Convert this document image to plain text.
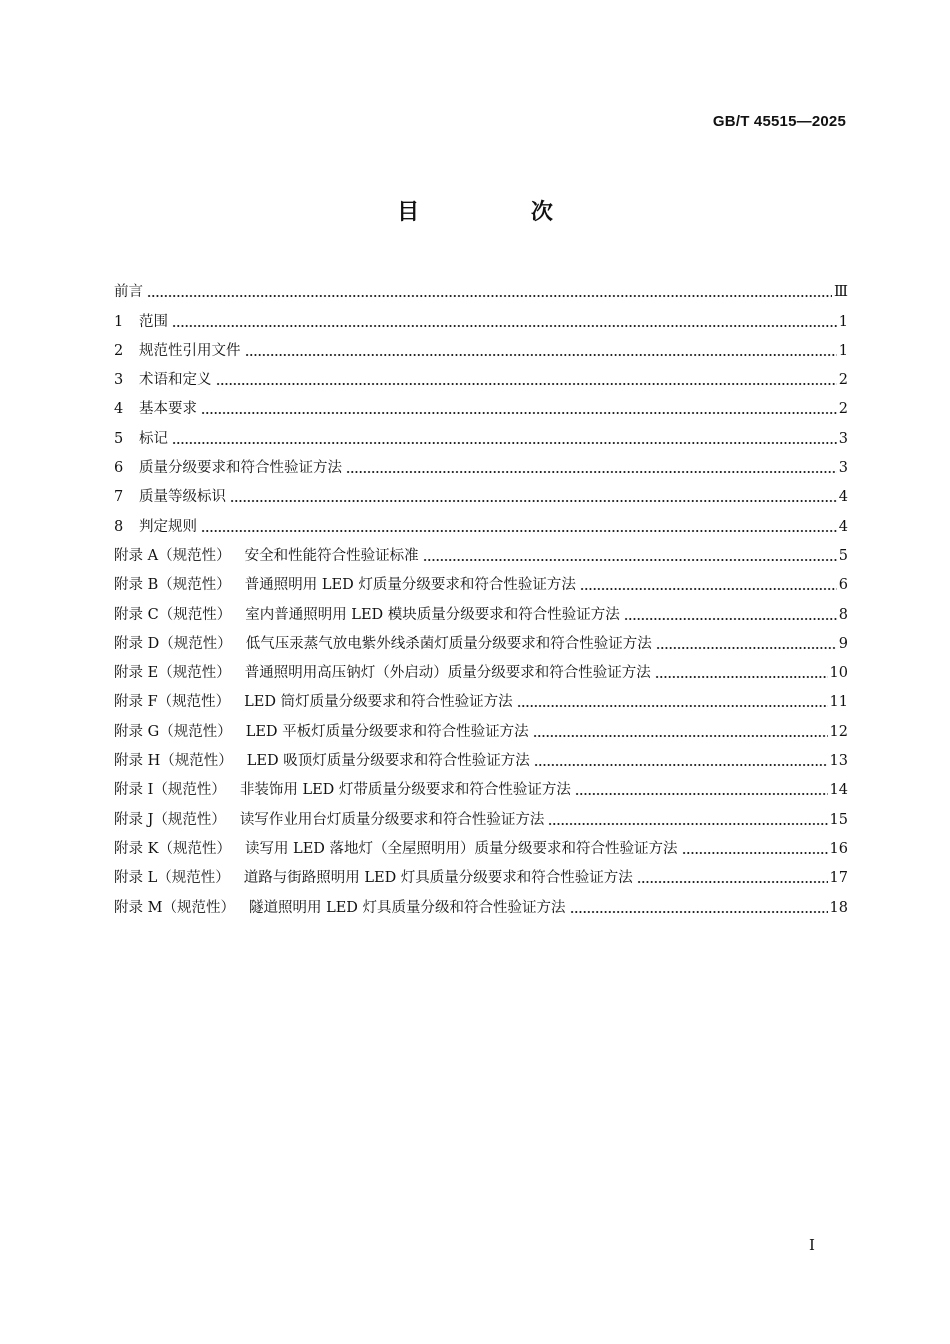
GB/T 45515—2025
目 次
前言	Ⅲ
1 范围	1
2 规范性引用文件	1
3 术语和定义	2
4 基本要求	2
5 标记	3
6 质量分级要求和符合性验证方法	3
7 质量等级标识	4
8 判定规则	4
附录 A（规范性） 安全和性能符合性验证标准	5
附录 B（规范性） 普通照明用 LED 灯质量分级要求和符合性验证方法	6
附录 C（规范性） 室内普通照明用 LED 模块质量分级要求和符合性验证方法	8
附录 D（规范性） 低气压汞蒸气放电紫外线杀菌灯质量分级要求和符合性验证方法	9
附录 E（规范性） 普通照明用高压钠灯（外启动）质量分级要求和符合性验证方法	10
附录 F（规范性） LED 筒灯质量分级要求和符合性验证方法	11
附录 G（规范性） LED 平板灯质量分级要求和符合性验证方法	12
附录 H（规范性） LED 吸顶灯质量分级要求和符合性验证方法	13
附录 I（规范性） 非装饰用 LED 灯带质量分级要求和符合性验证方法	14
附录 J（规范性） 读写作业用台灯质量分级要求和符合性验证方法	15
附录 K（规范性） 读写用 LED 落地灯（全屋照明用）质量分级要求和符合性验证方法	16
附录 L（规范性） 道路与街路照明用 LED 灯具质量分级要求和符合性验证方法	17
附录 M（规范性） 隧道照明用 LED 灯具质量分级和符合性验证方法	18
Ⅰ
